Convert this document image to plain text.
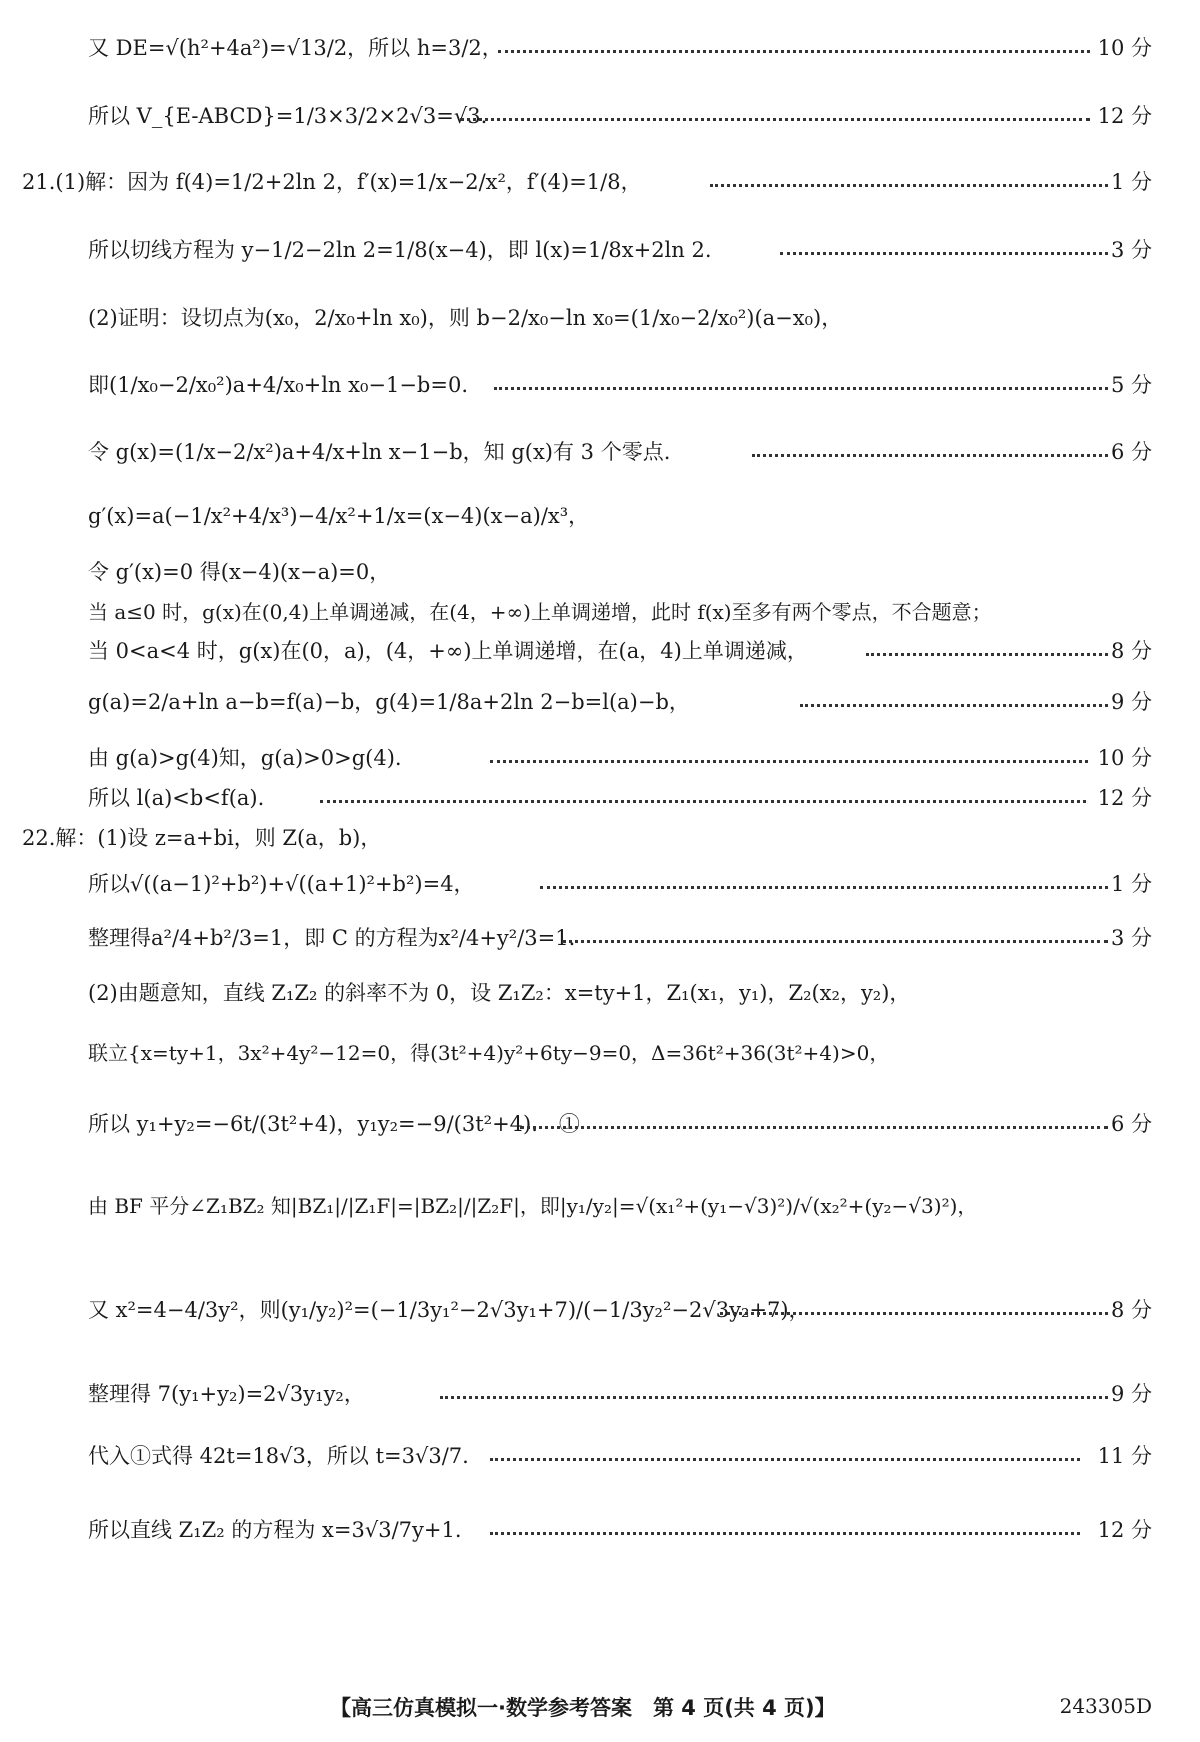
又 DE=√(h²+4a²)=√13/2，所以 h=3/2，	10 分
所以 V_{E-ABCD}=1/3×3/2×2√3=√3.	12 分
21.(1)解：因为 f(4)=1/2+2ln 2，f′(x)=1/x−2/x²，f′(4)=1/8，	1 分
所以切线方程为 y−1/2−2ln 2=1/8(x−4)，即 l(x)=1/8x+2ln 2.	3 分
(2)证明：设切点为(x₀，2/x₀+ln x₀)，则 b−2/x₀−ln x₀=(1/x₀−2/x₀²)(a−x₀)，
即(1/x₀−2/x₀²)a+4/x₀+ln x₀−1−b=0.	5 分
令 g(x)=(1/x−2/x²)a+4/x+ln x−1−b，知 g(x)有 3 个零点.	6 分
g′(x)=a(−1/x²+4/x³)−4/x²+1/x=(x−4)(x−a)/x³，
令 g′(x)=0 得(x−4)(x−a)=0，
当 a≤0 时，g(x)在(0,4)上单调递减，在(4，+∞)上单调递增，此时 f(x)至多有两个零点，不合题意；
当 0<a<4 时，g(x)在(0，a)，(4，+∞)上单调递增，在(a，4)上单调递减，	8 分
g(a)=2/a+ln a−b=f(a)−b，g(4)=1/8a+2ln 2−b=l(a)−b，	9 分
由 g(a)>g(4)知，g(a)>0>g(4).	10 分
所以 l(a)<b<f(a).	12 分
22.解：(1)设 z=a+bi，则 Z(a，b)，
所以√((a−1)²+b²)+√((a+1)²+b²)=4，	1 分
整理得a²/4+b²/3=1，即 C 的方程为x²/4+y²/3=1.	3 分
(2)由题意知，直线 Z₁Z₂ 的斜率不为 0，设 Z₁Z₂：x=ty+1，Z₁(x₁，y₁)，Z₂(x₂，y₂)，
联立{x=ty+1，3x²+4y²−12=0，得(3t²+4)y²+6ty−9=0，Δ=36t²+36(3t²+4)>0，
所以 y₁+y₂=−6t/(3t²+4)，y₁y₂=−9/(3t²+4).　①	6 分
由 BF 平分∠Z₁BZ₂ 知|BZ₁|/|Z₁F|=|BZ₂|/|Z₂F|，即|y₁/y₂|=√(x₁²+(y₁−√3)²)/√(x₂²+(y₂−√3)²)，
又 x²=4−4/3y²，则(y₁/y₂)²=(−1/3y₁²−2√3y₁+7)/(−1/3y₂²−2√3y₂+7)，	8 分
整理得 7(y₁+y₂)=2√3y₁y₂，	9 分
代入①式得 42t=18√3，所以 t=3√3/7.	11 分
所以直线 Z₁Z₂ 的方程为 x=3√3/7y+1.	12 分
【高三仿真模拟一·数学参考答案　第 4 页(共 4 页)】	243305D
